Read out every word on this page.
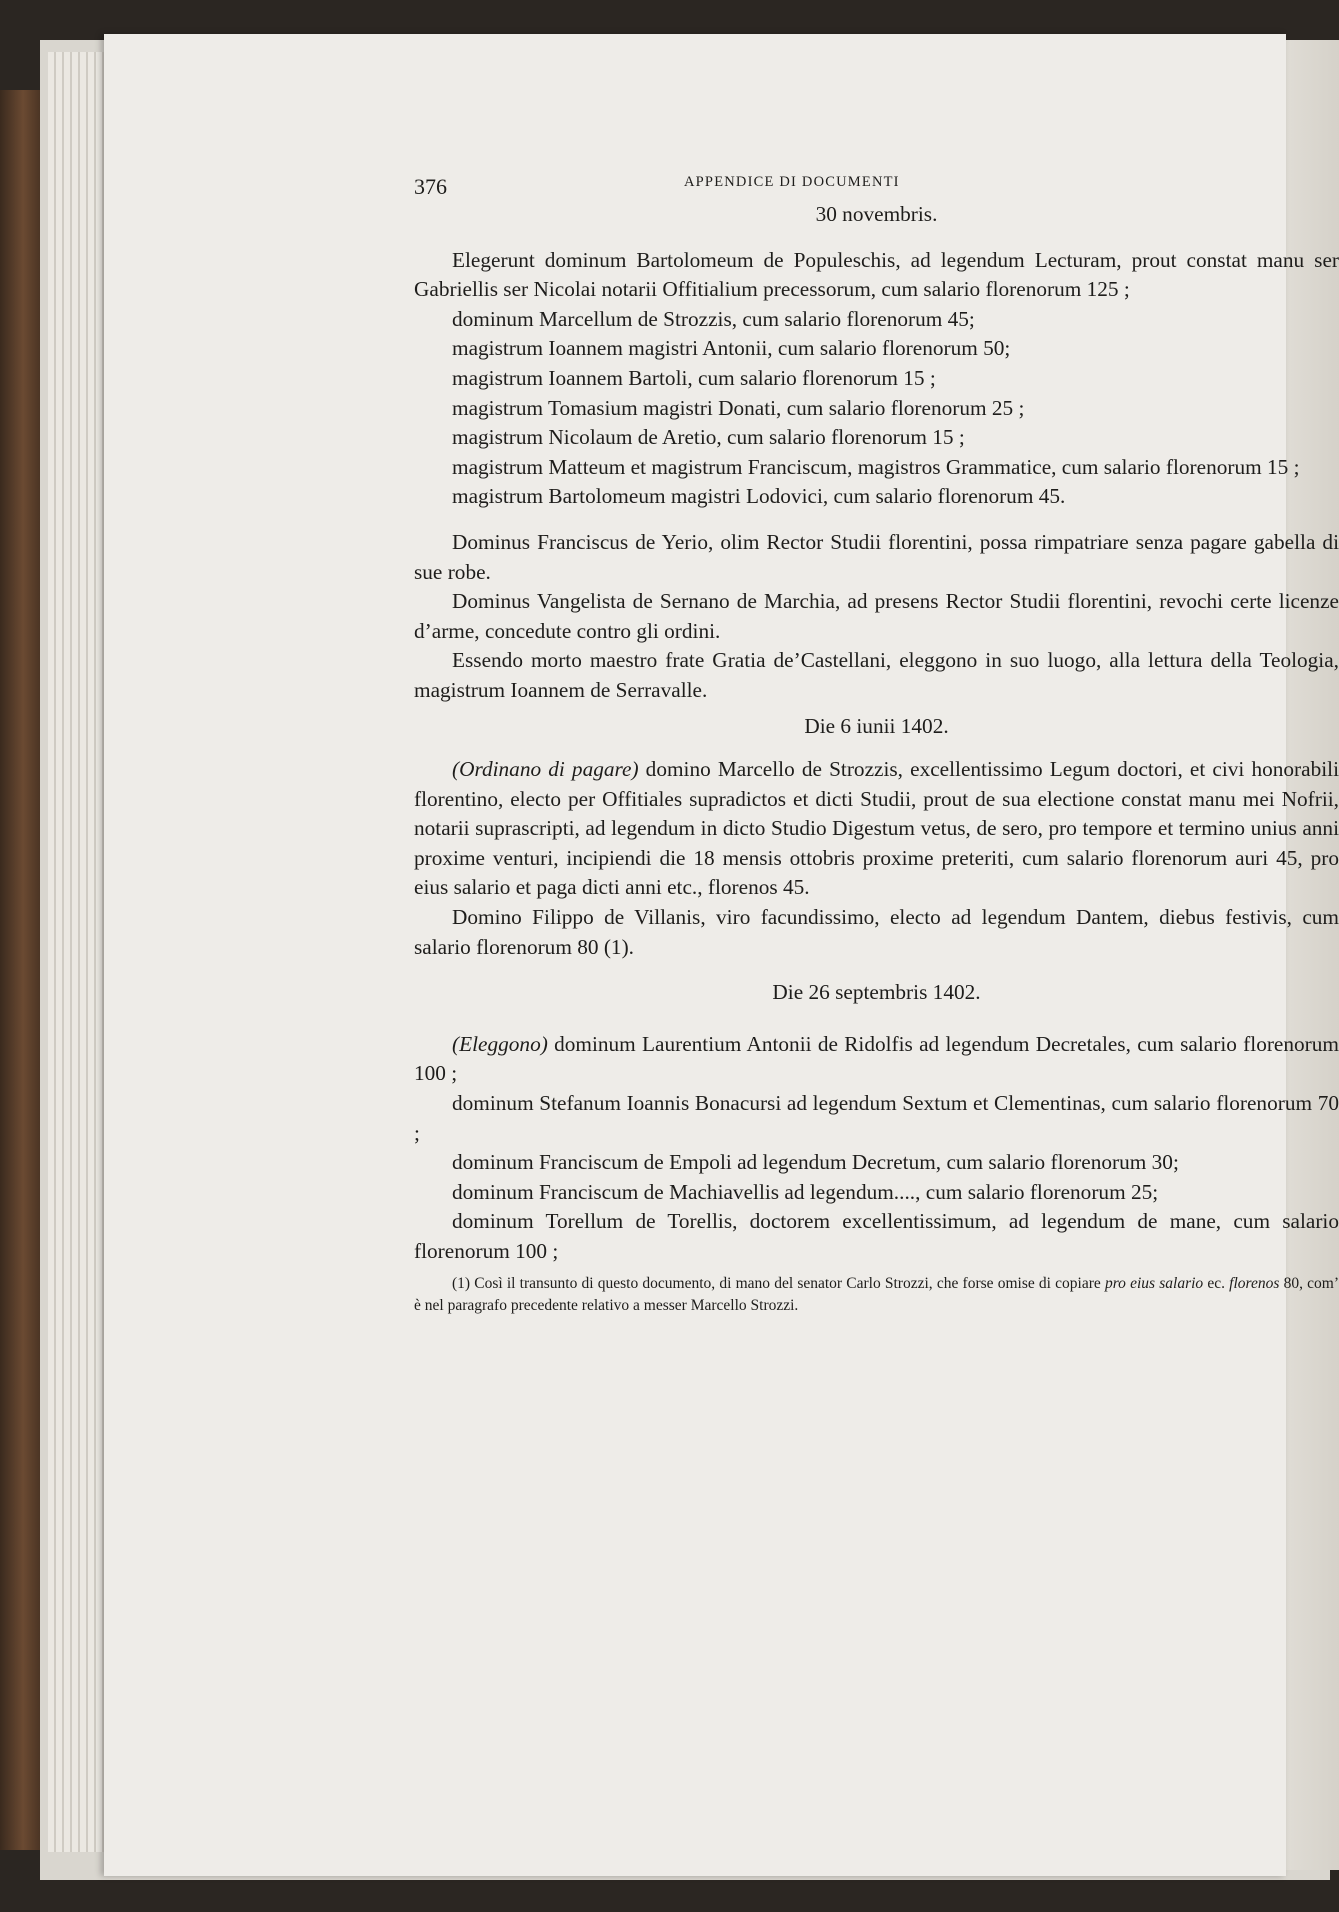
376	APPENDICE DI DOCUMENTI

30 novembris.

Elegerunt dominum Bartolomeum de Populeschis, ad legendum Lecturam, prout constat manu ser Gabriellis ser Nicolai notarii Offitialium precessorum, cum salario florenorum 125 ;

dominum Marcellum de Strozzis, cum salario florenorum 45;

magistrum Ioannem magistri Antonii, cum salario florenorum 50;

magistrum Ioannem Bartoli, cum salario florenorum 15 ;

magistrum Tomasium magistri Donati, cum salario florenorum 25 ;

magistrum Nicolaum de Aretio, cum salario florenorum 15 ;

magistrum Matteum et magistrum Franciscum, magistros Grammatice, cum salario florenorum 15 ;

magistrum Bartolomeum magistri Lodovici, cum salario florenorum 45.

Dominus Franciscus de Yerio, olim Rector Studii florentini, possa rimpatriare senza pagare gabella di sue robe.

Dominus Vangelista de Sernano de Marchia, ad presens Rector Studii florentini, revochi certe licenze d’arme, concedute contro gli ordini.

Essendo morto maestro frate Gratia de’Castellani, eleggono in suo luogo, alla lettura della Teologia, magistrum Ioannem de Serravalle.

Die 6 iunii 1402.

(Ordinano di pagare) domino Marcello de Strozzis, excellentissimo Legum doctori, et civi honorabili florentino, electo per Offitiales supradictos et dicti Studii, prout de sua electione constat manu mei Nofrii, notarii suprascripti, ad legendum in dicto Studio Digestum vetus, de sero, pro tempore et termino unius anni proxime venturi, incipiendi die 18 mensis ottobris proxime preteriti, cum salario florenorum auri 45, pro eius salario et paga dicti anni etc., florenos 45.

Domino Filippo de Villanis, viro facundissimo, electo ad legendum Dantem, diebus festivis, cum salario florenorum 80 (1).

Die 26 septembris 1402.

(Eleggono) dominum Laurentium Antonii de Ridolfis ad legendum Decretales, cum salario florenorum 100 ;

dominum Stefanum Ioannis Bonacursi ad legendum Sextum et Clementinas, cum salario florenorum 70 ;

dominum Franciscum de Empoli ad legendum Decretum, cum salario florenorum 30;

dominum Franciscum de Machiavellis ad legendum...., cum salario florenorum 25;

dominum Torellum de Torellis, doctorem excellentissimum, ad legendum de mane, cum salario florenorum 100 ;

(1) Così il transunto di questo documento, di mano del senator Carlo Strozzi, che forse omise di copiare pro eius salario ec. florenos 80, com’ è nel paragrafo precedente relativo a messer Marcello Strozzi.
